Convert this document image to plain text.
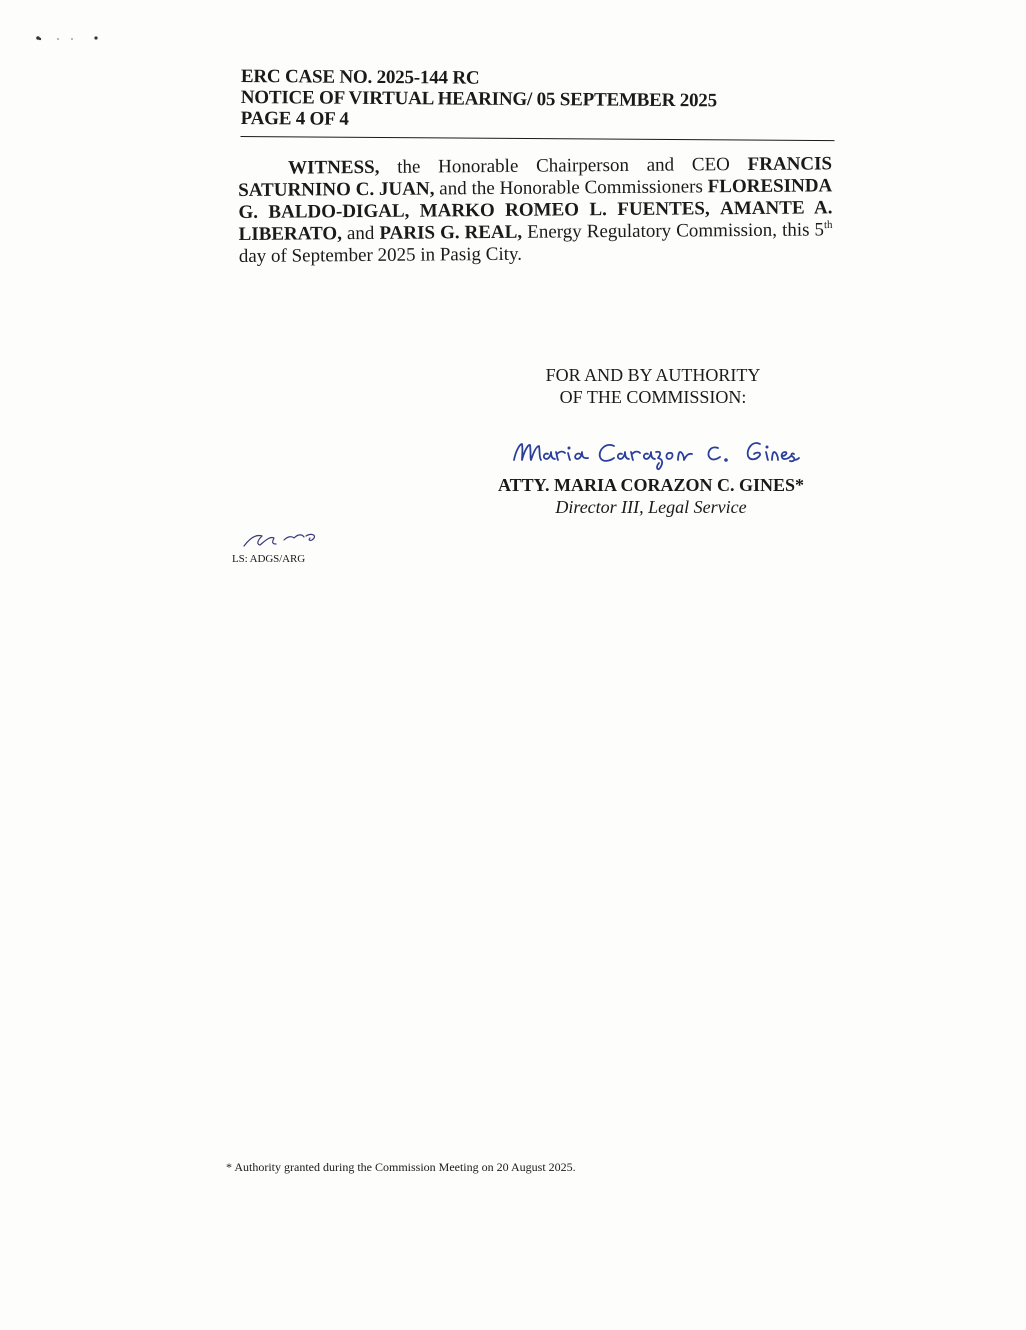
ERC CASE NO. 2025-144 RC
NOTICE OF VIRTUAL HEARING/ 05 SEPTEMBER 2025
PAGE 4 OF 4
WITNESS, the Honorable Chairperson and CEO FRANCIS SATURNINO C. JUAN, and the Honorable Commissioners FLORESINDA G. BALDO-DIGAL, MARKO ROMEO L. FUENTES, AMANTE A. LIBERATO, and PARIS G. REAL, Energy Regulatory Commission, this 5th day of September 2025 in Pasig City.
FOR AND BY AUTHORITY
OF THE COMMISSION:
ATTY. MARIA CORAZON C. GINES*
Director III, Legal Service
LS: ADGS/ARG
* Authority granted during the Commission Meeting on 20 August 2025.
